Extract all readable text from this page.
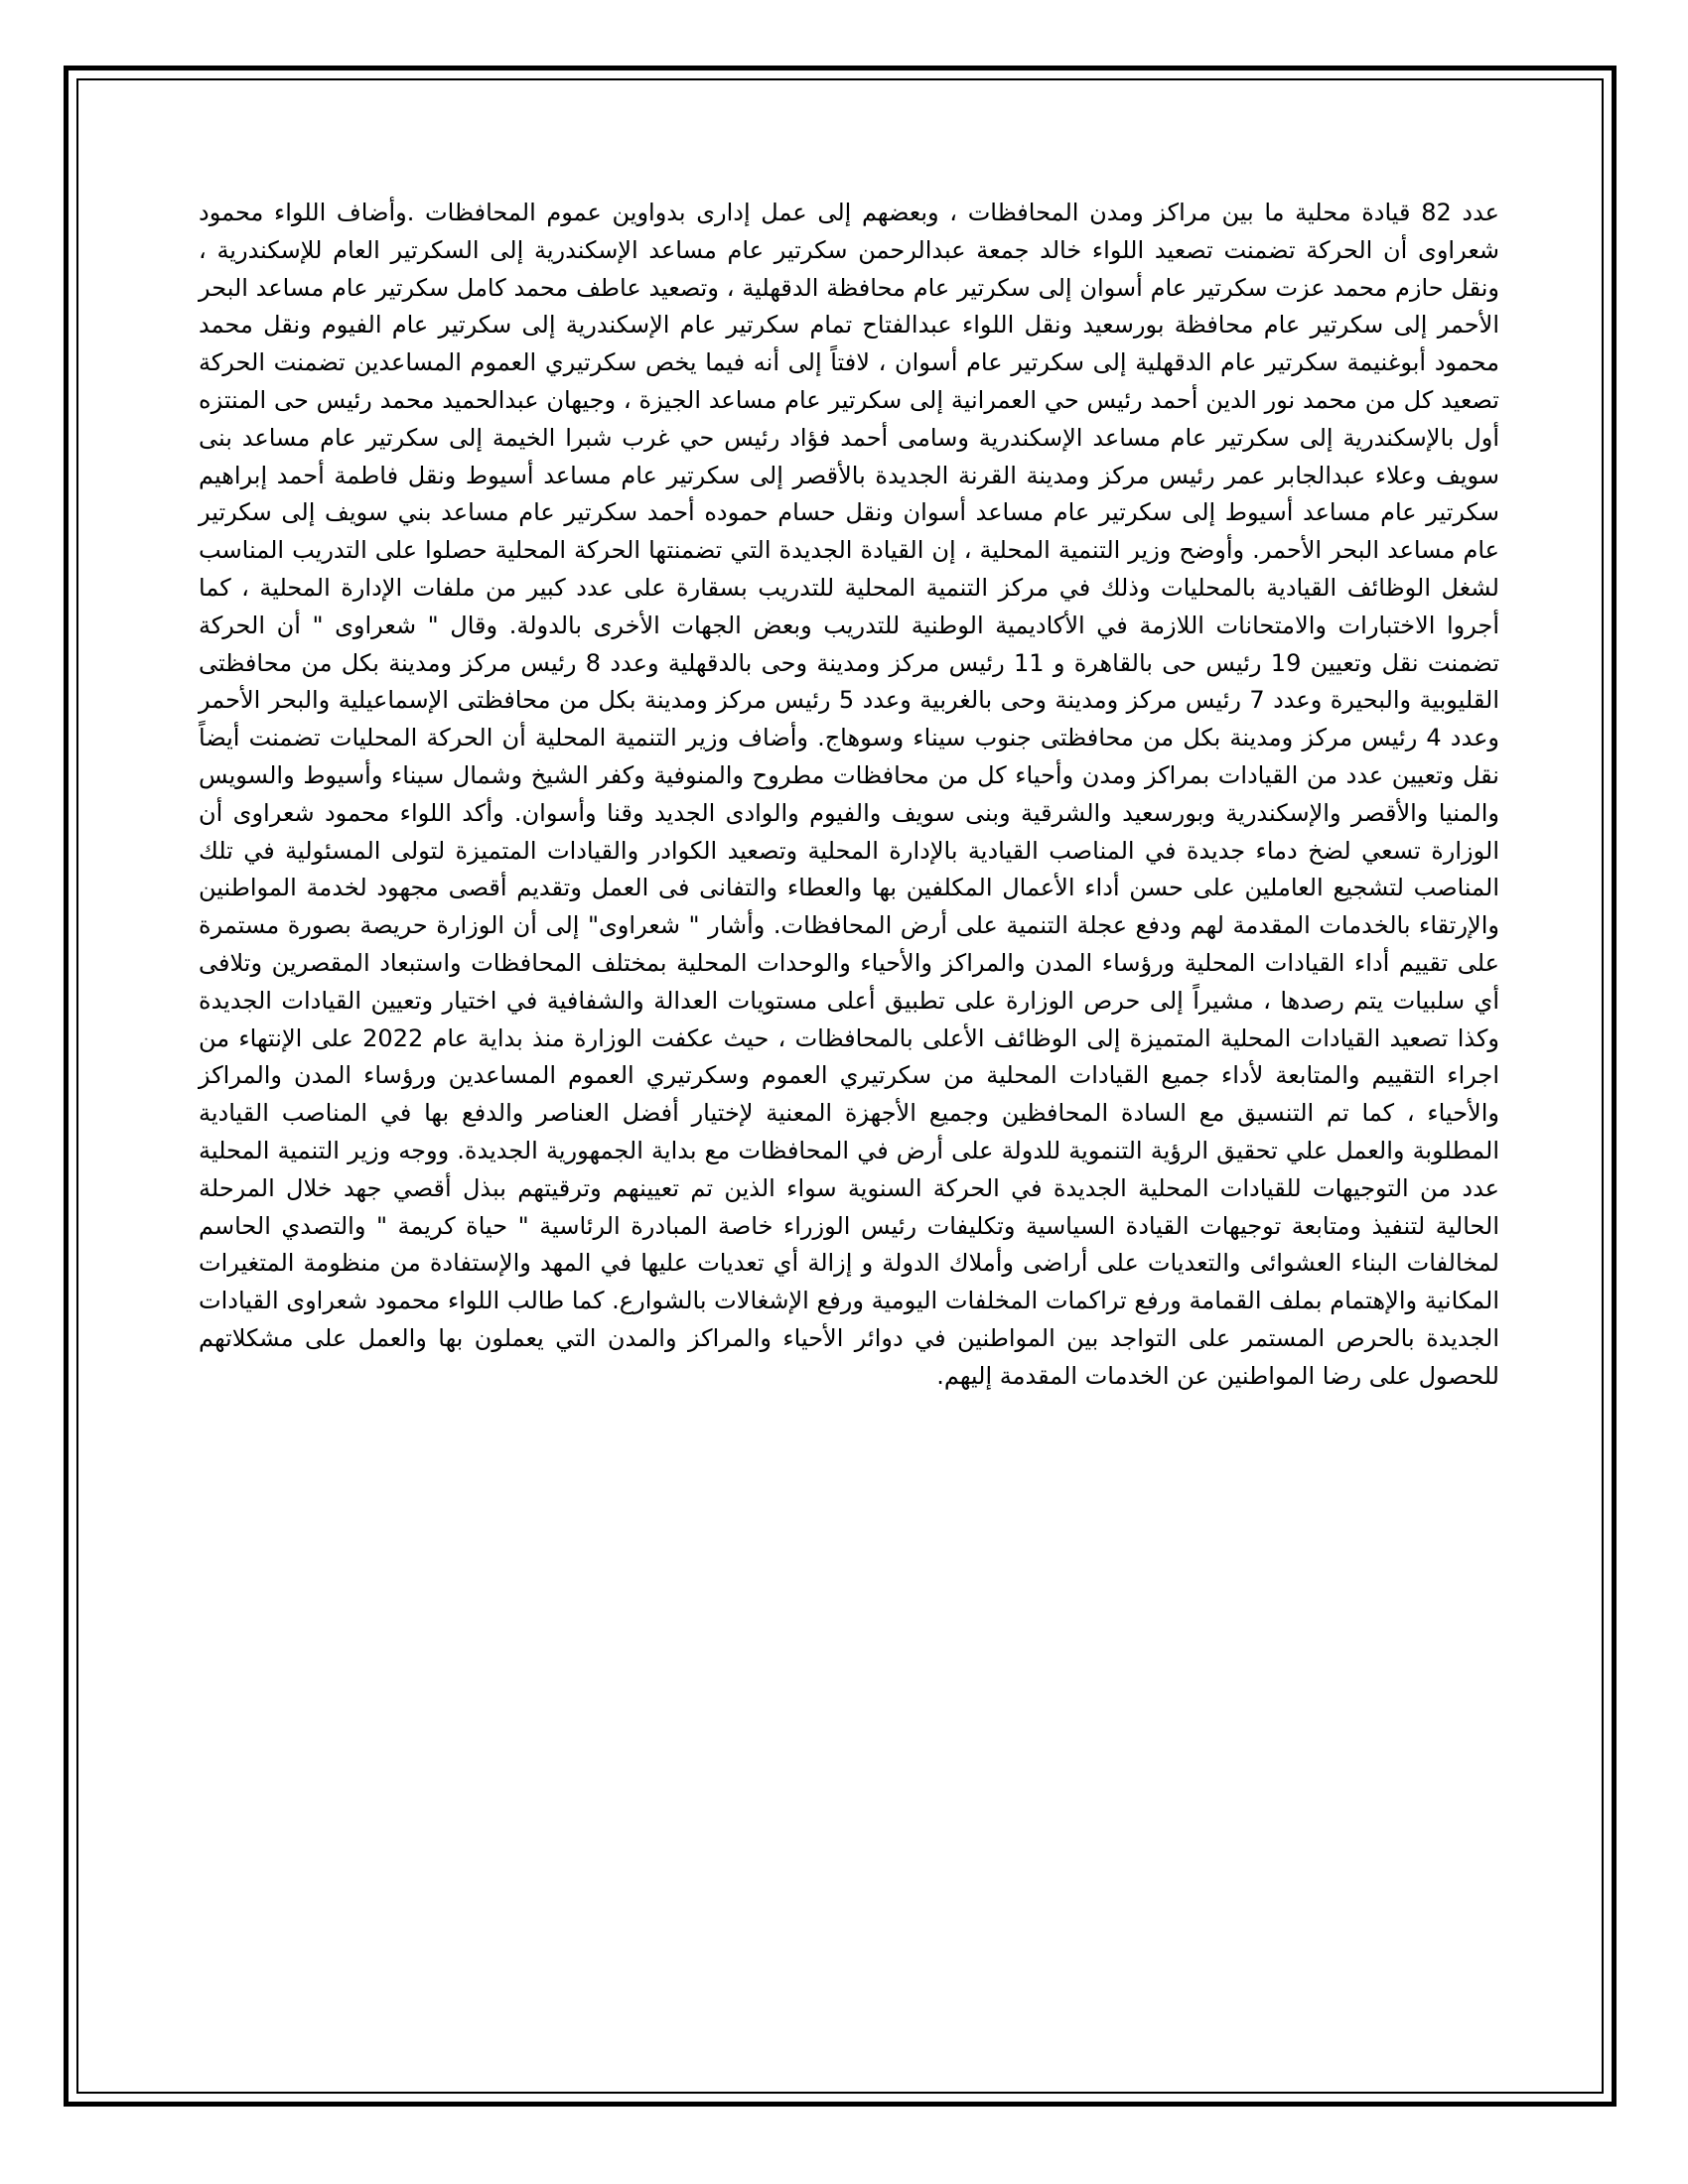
عدد 82 قيادة محلية ما بين مراكز ومدن المحافظات ، وبعضهم إلى عمل إدارى بدواوين عموم المحافظات .وأضاف اللواء محمود شعراوى أن الحركة تضمنت تصعيد اللواء خالد جمعة عبدالرحمن سكرتير عام مساعد الإسكندرية إلى السكرتير العام للإسكندرية ، ونقل حازم محمد عزت سكرتير عام أسوان إلى سكرتير عام محافظة الدقهلية ، وتصعيد عاطف محمد كامل سكرتير عام مساعد البحر الأحمر إلى سكرتير عام محافظة بورسعيد ونقل اللواء عبدالفتاح تمام سكرتير عام الإسكندرية إلى سكرتير عام الفيوم ونقل محمد محمود أبوغنيمة سكرتير عام الدقهلية إلى سكرتير عام أسوان ، لافتاً إلى أنه فيما يخص سكرتيري العموم المساعدين تضمنت الحركة تصعيد كل من محمد نور الدين أحمد رئيس حي العمرانية إلى سكرتير عام مساعد الجيزة ، وجيهان عبدالحميد محمد رئيس حى المنتزه أول بالإسكندرية إلى سكرتير عام مساعد الإسكندرية وسامى أحمد فؤاد رئيس حي غرب شبرا الخيمة إلى سكرتير عام مساعد بنى سويف وعلاء عبدالجابر عمر رئيس مركز ومدينة القرنة الجديدة بالأقصر إلى سكرتير عام مساعد أسيوط ونقل فاطمة أحمد إبراهيم سكرتير عام مساعد أسيوط إلى سكرتير عام مساعد أسوان ونقل حسام حموده أحمد سكرتير عام مساعد بني سويف إلى سكرتير عام مساعد البحر الأحمر. وأوضح وزير التنمية المحلية ، إن القيادة الجديدة التي تضمنتها الحركة المحلية حصلوا على التدريب المناسب لشغل الوظائف القيادية بالمحليات وذلك في مركز التنمية المحلية للتدريب بسقارة على عدد كبير من ملفات الإدارة المحلية ، كما أجروا الاختبارات والامتحانات اللازمة في الأكاديمية الوطنية للتدريب وبعض الجهات الأخرى بالدولة. وقال " شعراوى " أن الحركة تضمنت نقل وتعيين 19 رئيس حى بالقاهرة و 11 رئيس مركز ومدينة وحى بالدقهلية وعدد 8 رئيس مركز ومدينة بكل من محافظتى القليوبية والبحيرة وعدد 7 رئيس مركز ومدينة وحى بالغربية وعدد 5 رئيس مركز ومدينة بكل من محافظتى الإسماعيلية والبحر الأحمر وعدد 4 رئيس مركز ومدينة بكل من محافظتى جنوب سيناء وسوهاج. وأضاف وزير التنمية المحلية أن الحركة المحليات تضمنت أيضاً نقل وتعيين عدد من القيادات بمراكز ومدن وأحياء كل من محافظات مطروح والمنوفية وكفر الشيخ وشمال سيناء وأسيوط والسويس والمنيا والأقصر والإسكندرية وبورسعيد والشرقية وبنى سويف والفيوم والوادى الجديد وقنا وأسوان. وأكد اللواء محمود شعراوى أن الوزارة تسعي لضخ دماء جديدة في المناصب القيادية بالإدارة المحلية وتصعيد الكوادر والقيادات المتميزة لتولى المسئولية في تلك المناصب لتشجيع العاملين على حسن أداء الأعمال المكلفين بها والعطاء والتفانى فى العمل وتقديم أقصى مجهود لخدمة المواطنين والإرتقاء بالخدمات المقدمة لهم ودفع عجلة التنمية على أرض المحافظات. وأشار " شعراوى" إلى أن الوزارة حريصة بصورة مستمرة على تقييم أداء القيادات المحلية ورؤساء المدن والمراكز والأحياء والوحدات المحلية بمختلف المحافظات واستبعاد المقصرين وتلافى أي سلبيات يتم رصدها ، مشيراً إلى حرص الوزارة على تطبيق أعلى مستويات العدالة والشفافية في اختيار وتعيين القيادات الجديدة وكذا تصعيد القيادات المحلية المتميزة إلى الوظائف الأعلى بالمحافظات ، حيث عكفت الوزارة منذ بداية عام 2022 على الإنتهاء من اجراء التقييم والمتابعة لأداء جميع القيادات المحلية من سكرتيري العموم وسكرتيري العموم المساعدين ورؤساء المدن والمراكز والأحياء ، كما تم التنسيق مع السادة المحافظين وجميع الأجهزة المعنية لإختيار أفضل العناصر والدفع بها في المناصب القيادية المطلوبة والعمل علي تحقيق الرؤية التنموية للدولة على أرض في المحافظات مع بداية الجمهورية الجديدة. ووجه وزير التنمية المحلية عدد من التوجيهات للقيادات المحلية الجديدة في الحركة السنوية سواء الذين تم تعيينهم وترقيتهم ببذل أقصي جهد خلال المرحلة الحالية لتنفيذ ومتابعة توجيهات القيادة السياسية وتكليفات رئيس الوزراء خاصة المبادرة الرئاسية " حياة كريمة " والتصدي الحاسم لمخالفات البناء العشوائى والتعديات على أراضى وأملاك الدولة و إزالة أي تعديات عليها في المهد والإستفادة من منظومة المتغيرات المكانية والإهتمام بملف القمامة ورفع تراكمات المخلفات اليومية ورفع الإشغالات بالشوارع. كما طالب اللواء محمود شعراوى القيادات الجديدة بالحرص المستمر على التواجد بين المواطنين في دوائر الأحياء والمراكز والمدن التي يعملون بها والعمل على مشكلاتهم للحصول على رضا المواطنين عن الخدمات المقدمة إليهم.
